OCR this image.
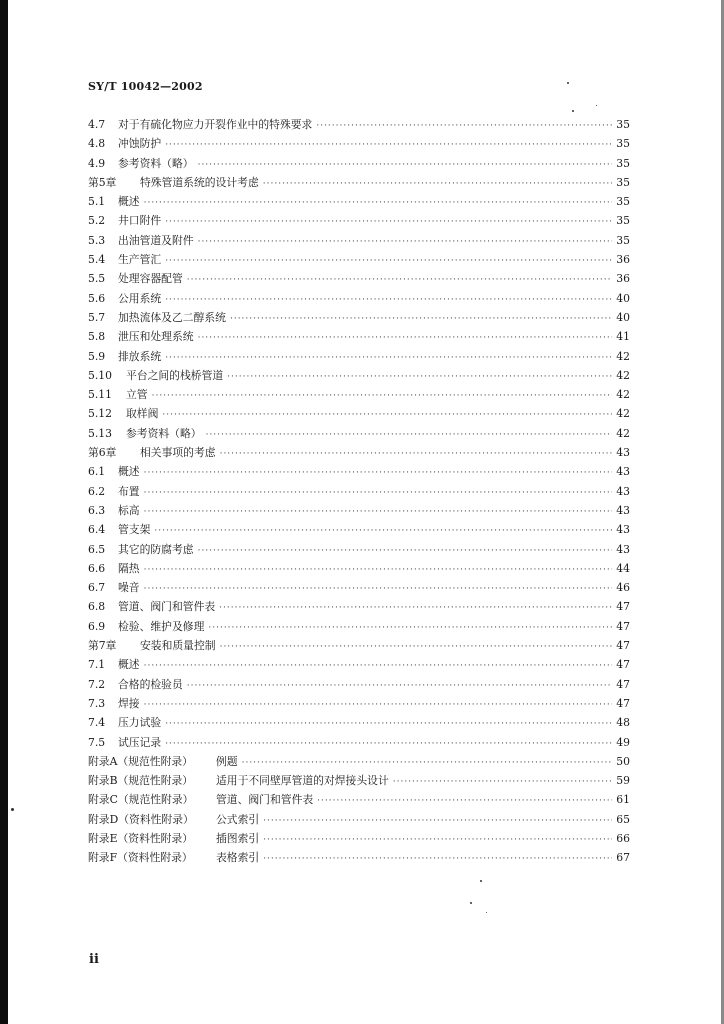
SY/T 10042—2002
4.7	对于有硫化物应力开裂作业中的特殊要求 ·····	35
4.8	冲蚀防护 ·····	35
4.9	参考资料（略） ·····	35
第5章	特殊管道系统的设计考虑 ·····	35
5.1	概述 ·····	35
5.2	井口附件 ·····	35
5.3	出油管道及附件 ·····	35
5.4	生产管汇 ·····	36
5.5	处理容器配管 ·····	36
5.6	公用系统 ·····	40
5.7	加热流体及乙二醇系统 ·····	40
5.8	泄压和处理系统 ·····	41
5.9	排放系统 ·····	42
5.10	平台之间的栈桥管道 ·····	42
5.11	立管 ·····	42
5.12	取样阀 ·····	42
5.13	参考资料（略） ·····	42
第6章	相关事项的考虑 ·····	43
6.1	概述 ·····	43
6.2	布置 ·····	43
6.3	标高 ·····	43
6.4	管支架 ·····	43
6.5	其它的防腐考虑 ·····	43
6.6	隔热 ·····	44
6.7	噪音 ·····	46
6.8	管道、阀门和管件表 ·····	47
6.9	检验、维护及修理 ·····	47
第7章	安装和质量控制 ·····	47
7.1	概述 ·····	47
7.2	合格的检验员 ·····	47
7.3	焊接 ·····	47
7.4	压力试验 ·····	48
7.5	试压记录 ·····	49
附录A（规范性附录）	例题 ·····	50
附录B（规范性附录）	适用于不同壁厚管道的对焊接头设计 ·····	59
附录C（规范性附录）	管道、阀门和管件表 ·····	61
附录D（资料性附录）	公式索引 ·····	65
附录E（资料性附录）	插图索引 ·····	66
附录F（资料性附录）	表格索引 ·····	67
ii
